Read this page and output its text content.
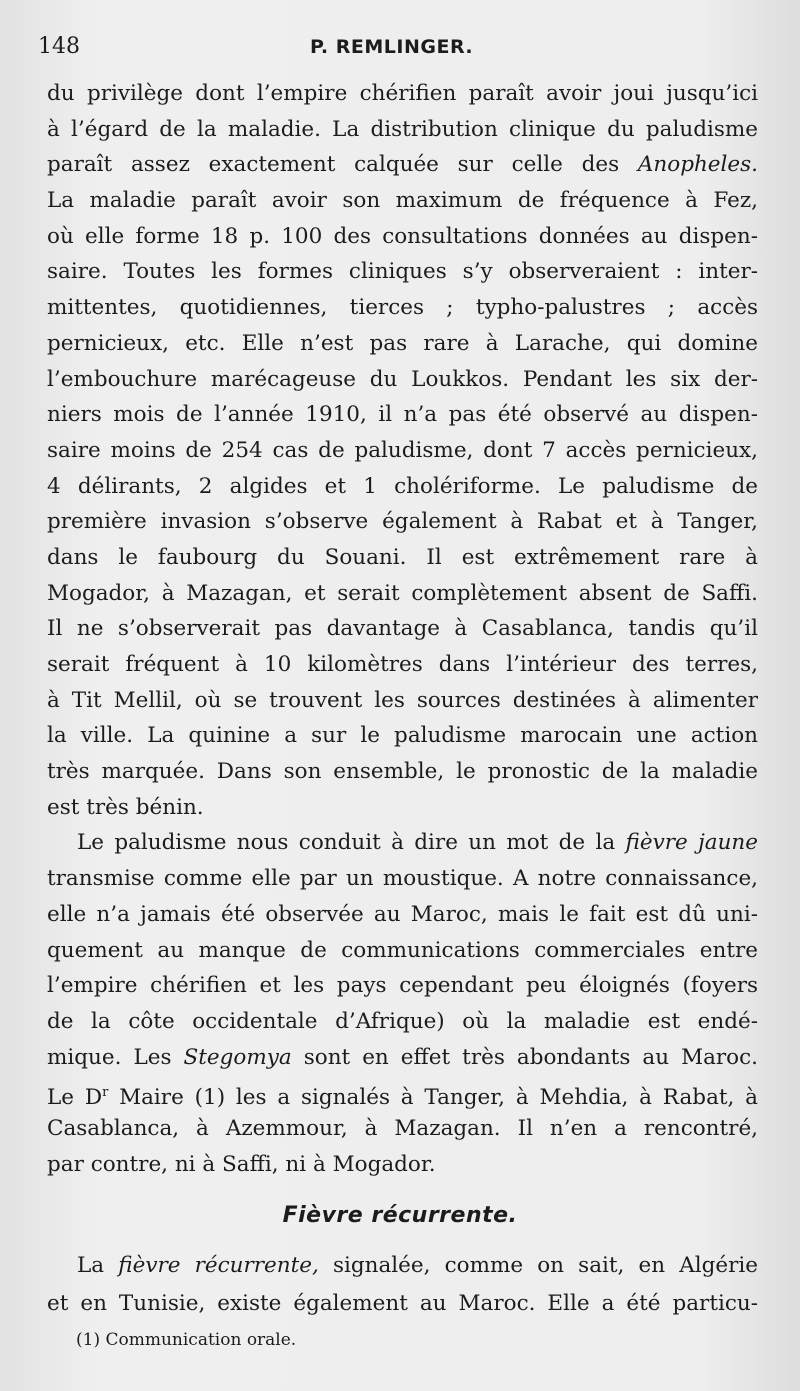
148	P. REMLINGER.
du privilège dont l’empire chérifien paraît avoir joui jusqu’ici
à l’égard de la maladie. La distribution clinique du paludisme
paraît assez exactement calquée sur celle des Anopheles.
La maladie paraît avoir son maximum de fréquence à Fez,
où elle forme 18 p. 100 des consultations données au dispen-
saire. Toutes les formes cliniques s’y observeraient : inter-
mittentes, quotidiennes, tierces ; typho-palustres ; accès
pernicieux, etc. Elle n’est pas rare à Larache, qui domine
l’embouchure marécageuse du Loukkos. Pendant les six der-
niers mois de l’année 1910, il n’a pas été observé au dispen-
saire moins de 254 cas de paludisme, dont 7 accès pernicieux,
4 délirants, 2 algides et 1 cholériforme. Le paludisme de
première invasion s’observe également à Rabat et à Tanger,
dans le faubourg du Souani. Il est extrêmement rare à
Mogador, à Mazagan, et serait complètement absent de Saffi.
Il ne s’observerait pas davantage à Casablanca, tandis qu’il
serait fréquent à 10 kilomètres dans l’intérieur des terres,
à Tit Mellil, où se trouvent les sources destinées à alimenter
la ville. La quinine a sur le paludisme marocain une action
très marquée. Dans son ensemble, le pronostic de la maladie
est très bénin.
Le paludisme nous conduit à dire un mot de la fièvre jaune
transmise comme elle par un moustique. A notre connaissance,
elle n’a jamais été observée au Maroc, mais le fait est dû uni-
quement au manque de communications commerciales entre
l’empire chérifien et les pays cependant peu éloignés (foyers
de la côte occidentale d’Afrique) où la maladie est endé-
mique. Les Stegomya sont en effet très abondants au Maroc.
Le $D^r$ Maire (1) les a signalés à Tanger, à Mehdia, à Rabat, à
Casablanca, à Azemmour, à Mazagan. Il n’en a rencontré,
par contre, ni à Saffi, ni à Mogador.
Fièvre récurrente.
La fièvre récurrente, signalée, comme on sait, en Algérie
et en Tunisie, existe également au Maroc. Elle a été particu-
(1) Communication orale.
